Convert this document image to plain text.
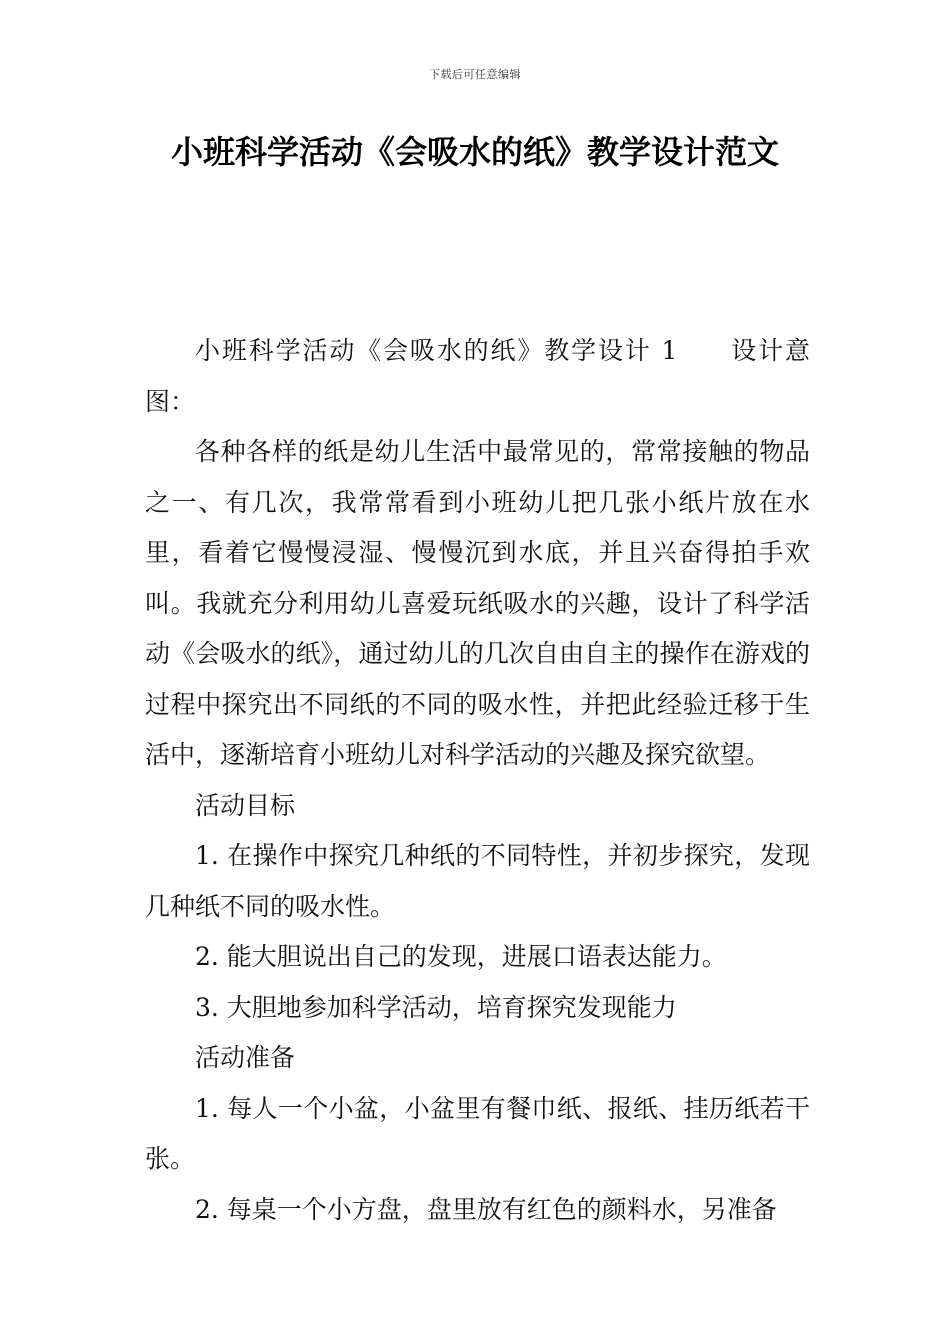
下载后可任意编辑
小班科学活动《会吸水的纸》教学设计范文

小班科学活动《会吸水的纸》教学设计 1 设计意图：

各种各样的纸是幼儿生活中最常见的，常常接触的物品之一、有几次，我常常看到小班幼儿把几张小纸片放在水里，看着它慢慢浸湿、慢慢沉到水底，并且兴奋得拍手欢叫。我就充分利用幼儿喜爱玩纸吸水的兴趣，设计了科学活动《会吸水的纸》，通过幼儿的几次自由自主的操作在游戏的过程中探究出不同纸的不同的吸水性，并把此经验迁移于生活中，逐渐培育小班幼儿对科学活动的兴趣及探究欲望。

活动目标

1. 在操作中探究几种纸的不同特性，并初步探究，发现几种纸不同的吸水性。

2. 能大胆说出自己的发现，进展口语表达能力。

3. 大胆地参加科学活动，培育探究发现能力

活动准备

1. 每人一个小盆，小盆里有餐巾纸、报纸、挂历纸若干张。

2. 每桌一个小方盘，盘里放有红色的颜料水，另准备
